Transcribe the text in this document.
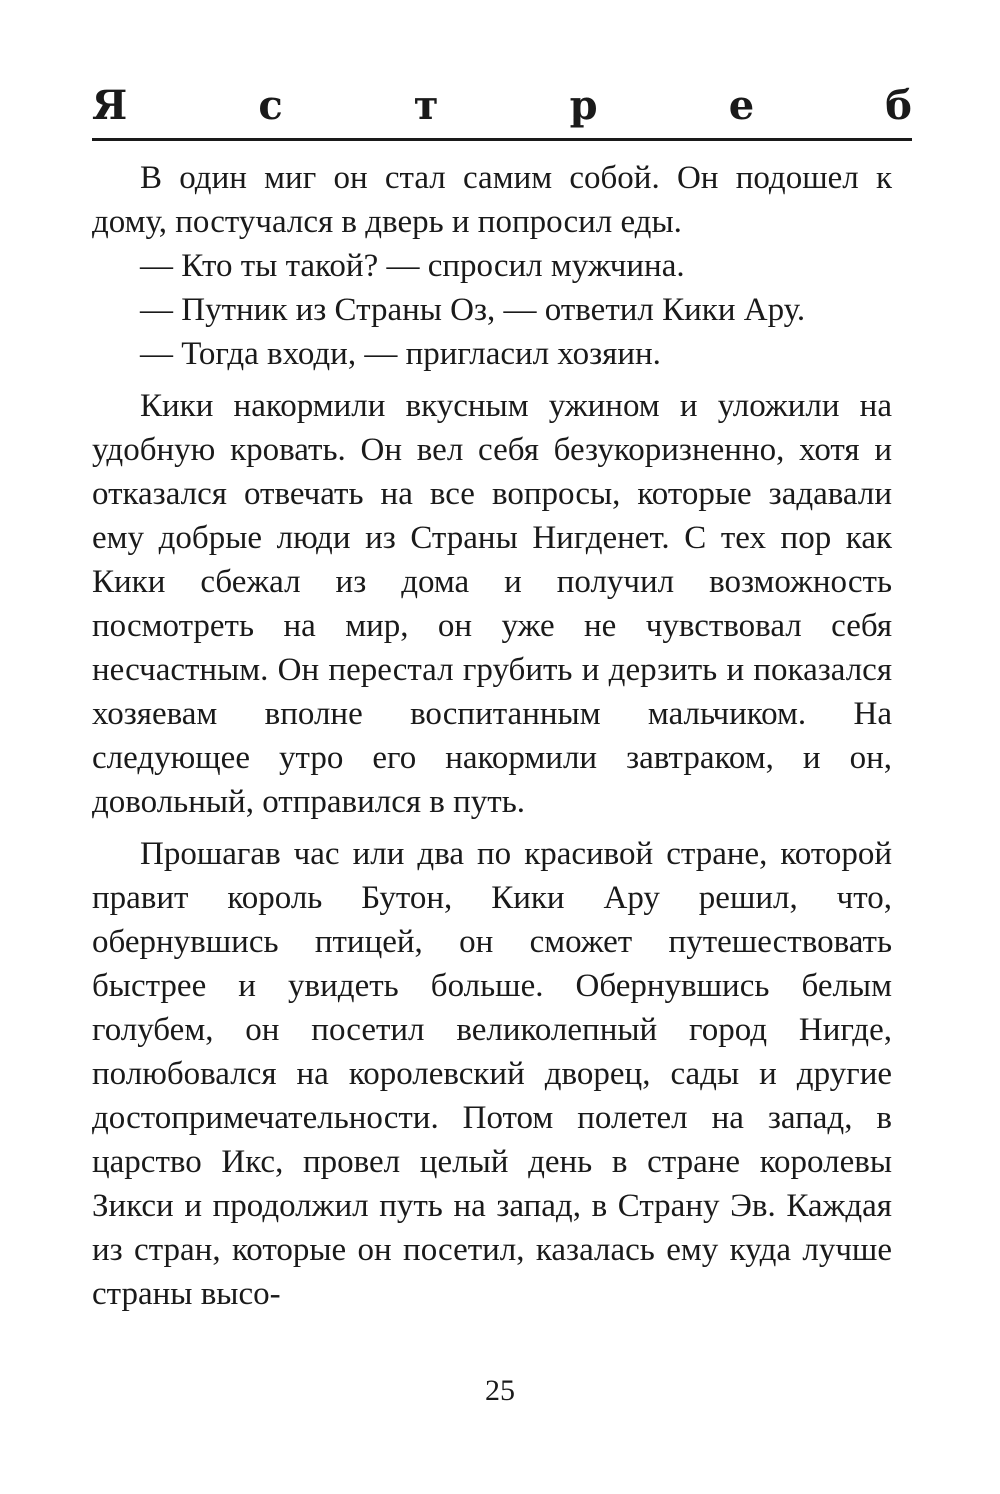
Я	с	т	р	е	б

В один миг он стал самим собой. Он подошел к дому, постучался в дверь и попросил еды.

— Кто ты такой? — спросил мужчина.

— Путник из Страны Оз, — ответил Кики Ару.

— Тогда входи, — пригласил хозяин.

Кики накормили вкусным ужином и уложили на удобную кровать. Он вел себя безукоризненно, хотя и отказался отвечать на все вопросы, которые задавали ему добрые люди из Страны Нигденет. С тех пор как Кики сбежал из дома и получил возможность посмотреть на мир, он уже не чувствовал себя несчастным. Он перестал грубить и дерзить и показался хозяевам вполне воспитанным мальчиком. На следующее утро его накормили завтраком, и он, довольный, отправился в путь.

Прошагав час или два по красивой стране, которой правит король Бутон, Кики Ару решил, что, обернувшись птицей, он сможет путешествовать быстрее и увидеть больше. Обернувшись белым голубем, он посетил великолепный город Нигде, полюбовался на королевский дворец, сады и другие достопримечательности. Потом полетел на запад, в царство Икс, провел целый день в стране королевы Зикси и продолжил путь на запад, в Страну Эв. Каждая из стран, которые он посетил, казалась ему куда лучше страны высо-

25
